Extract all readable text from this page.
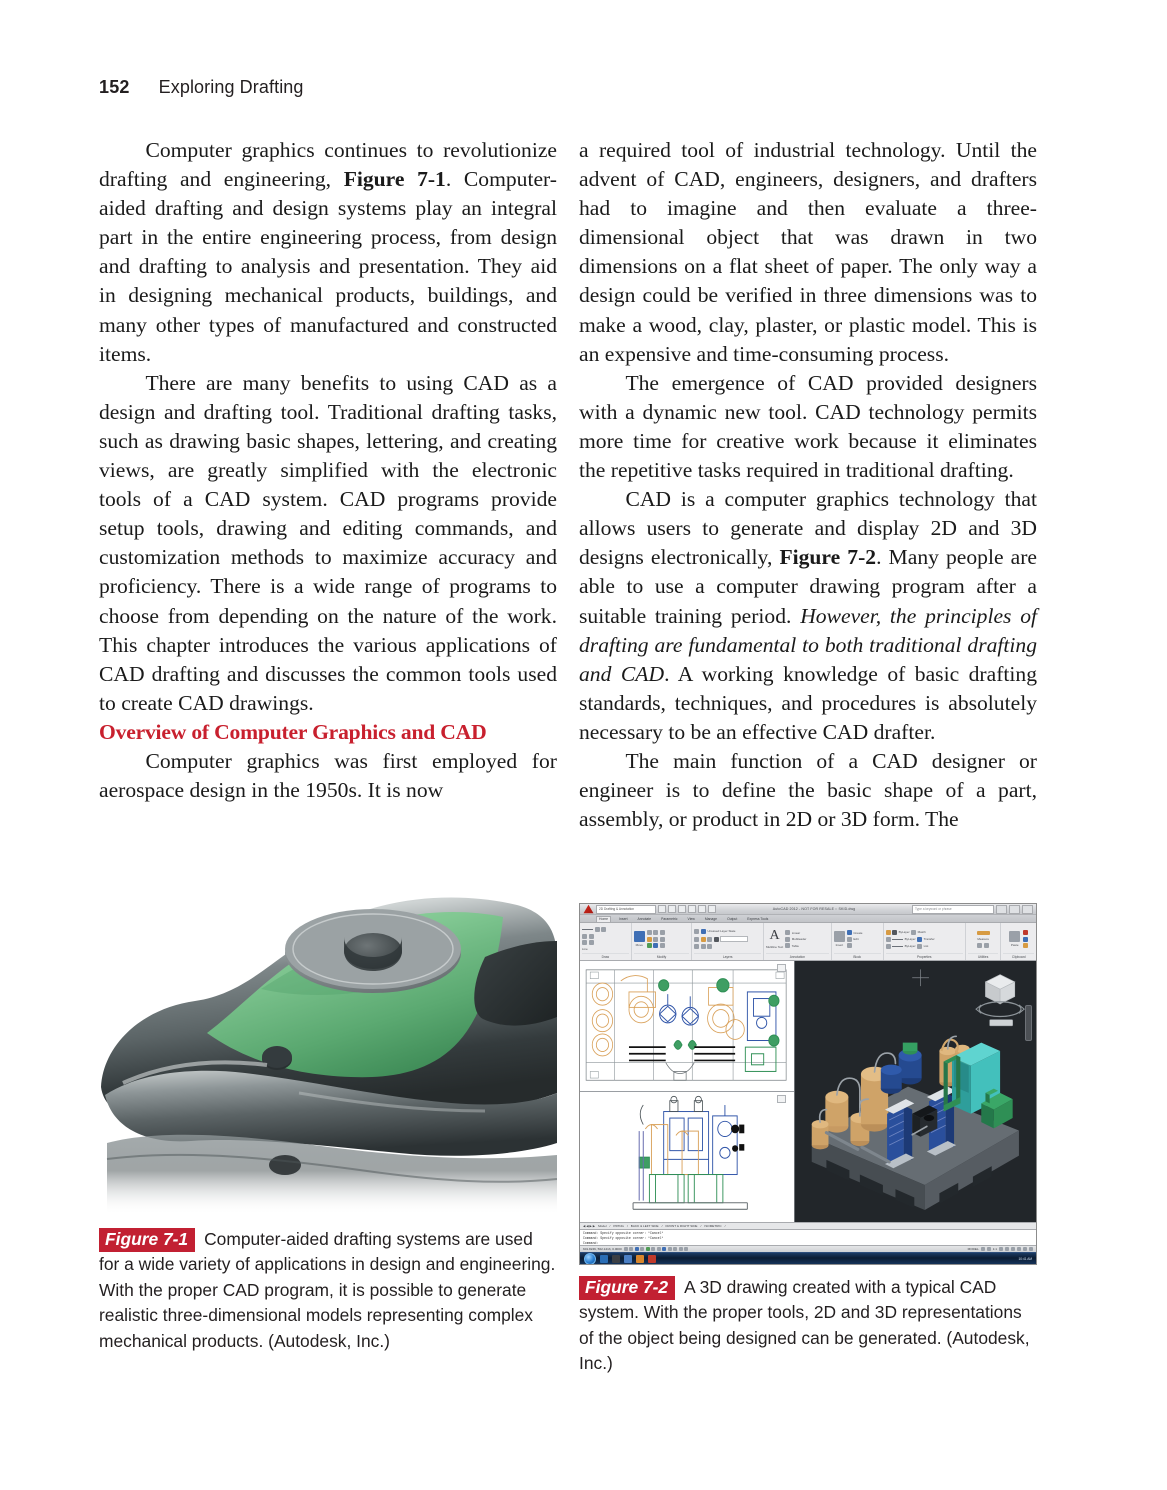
152 Exploring Drafting

Computer graphics continues to revolutionize drafting and engineering, Figure 7-1. Computer-aided drafting and design systems play an integral part in the entire engineering process, from design and drafting to analysis and presentation. They aid in designing mechanical products, buildings, and many other types of manufactured and constructed items.

There are many benefits to using CAD as a design and drafting tool. Traditional drafting tasks, such as drawing basic shapes, lettering, and creating views, are greatly simplified with the electronic tools of a CAD system. CAD programs provide setup tools, drawing and editing commands, and customization methods to maximize accuracy and proficiency. There is a wide range of programs to choose from depending on the nature of the work. This chapter introduces the various applications of CAD drafting and discusses the common tools used to create CAD drawings.

Overview of Computer Graphics and CAD

Computer graphics was first employed for aerospace design in the 1950s. It is now

a required tool of industrial technology. Until the advent of CAD, engineers, designers, and drafters had to imagine and then evaluate a three-dimensional object that was drawn in two dimensions on a flat sheet of paper. The only way a design could be verified in three dimensions was to make a wood, clay, plaster, or plastic model. This is an expensive and time-consuming process.

The emergence of CAD provided designers with a dynamic new tool. CAD technology permits more time for creative work because it eliminates the repetitive tasks required in traditional drafting.

CAD is a computer graphics technology that allows users to generate and display 2D and 3D designs electronically, Figure 7-2. Many people are able to use a computer drawing program after a suitable training period. However, the principles of drafting are fundamental to both traditional drafting and CAD. A working knowledge of basic drafting standards, techniques, and procedures is absolutely necessary to be an effective CAD drafter.

The main function of a CAD designer or engineer is to define the basic shape of a part, assembly, or product in 2D or 3D form. The

Figure 7-1 Computer-aided drafting systems are used for a wide variety of applications in design and engineering. With the proper CAD program, it is possible to generate realistic three-dimensional models representing complex mechanical products. (Autodesk, Inc.)
2D Drafting & Annotation	AutoCAD 2012 - NOT FOR RESALE :: SKID.dwg	Type a keyword or phrase
Home	Insert	Annotate	Parametric	View	Manage	Output	Express Tools
Line
Draw
Move
Modify
Unsaved Layer State
Layers
A
Multiline Text
Linear
Multileader
Table
Annotation
Insert
Create
Edit
Block
ByLayer	Match
ByLayer	Transfer
ByLayer	List
Properties
Measure
Utilities
Paste
Clipboard
◀ ◀ ▶ ▶ Model / PIPING / BACK & LEFT SIDE / FRONT & RIGHT SIDE / ISOMETRIC /
Command: Specify opposite corner: *Cancel*
Command: Specify opposite corner: *Cancel*
Command:
601.8246, 562.1413, 0.0000	MODEL	1:1
10:41 AM
Figure 7-2 A 3D drawing created with a typical CAD system. With the proper tools, 2D and 3D representations of the object being designed can be generated. (Autodesk, Inc.)
